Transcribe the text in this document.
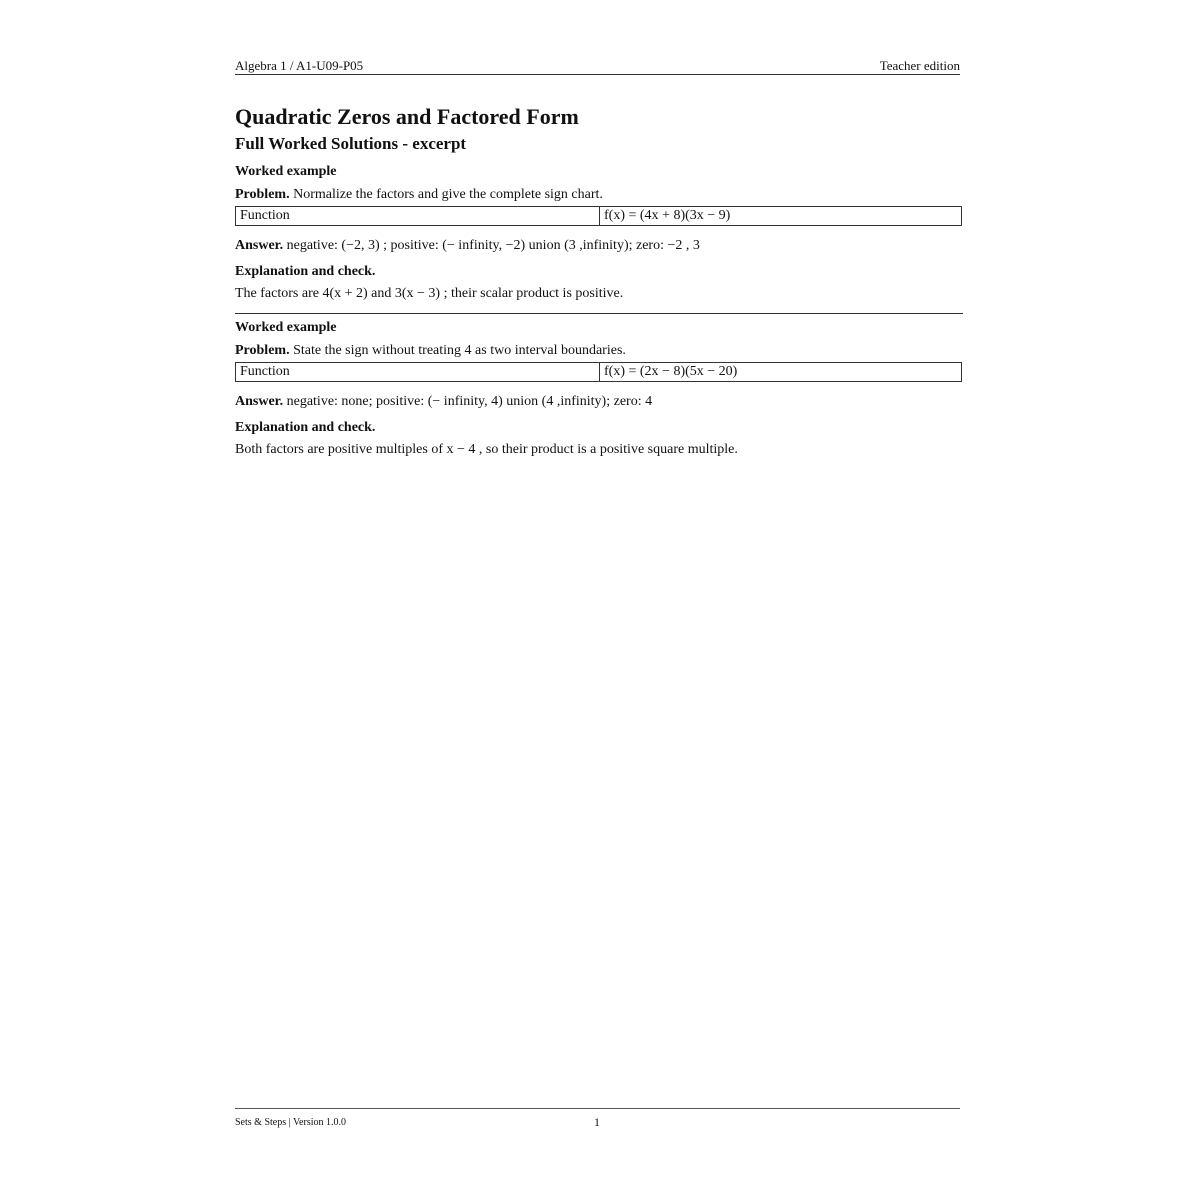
Algebra 1 / A1-U09-P05	Teacher edition
Quadratic Zeros and Factored Form
Full Worked Solutions - excerpt
Worked example
Problem. Normalize the factors and give the complete sign chart.
Function	f(x) = (4x + 8)(3x − 9)
Answer. negative: (−2, 3) ; positive: (− infinity, −2) union (3 ,infinity); zero: −2 , 3
Explanation and check.
The factors are 4(x + 2) and 3(x − 3) ; their scalar product is positive.
Worked example
Problem. State the sign without treating 4 as two interval boundaries.
Function	f(x) = (2x − 8)(5x − 20)
Answer. negative: none; positive: (− infinity, 4) union (4 ,infinity); zero: 4
Explanation and check.
Both factors are positive multiples of x − 4 , so their product is a positive square multiple.
Sets & Steps | Version 1.0.0	1
